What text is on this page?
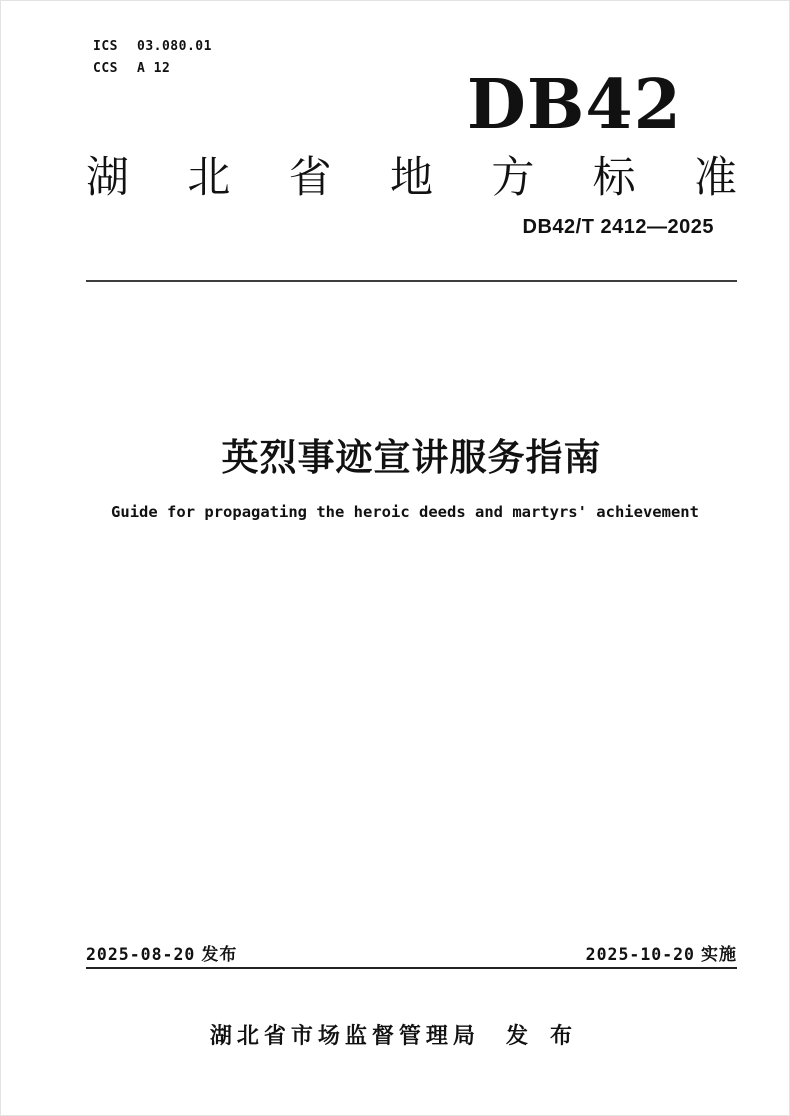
ICS 03.080.01
CCS A 12	DB42
湖 北 省 地 方 标 准
DB42/T 2412—2025
英烈事迹宣讲服务指南
Guide for propagating the heroic deeds and martyrs' achievement
2025-08-20 发布	2025-10-20 实施
湖北省市场监督管理局 发 布
